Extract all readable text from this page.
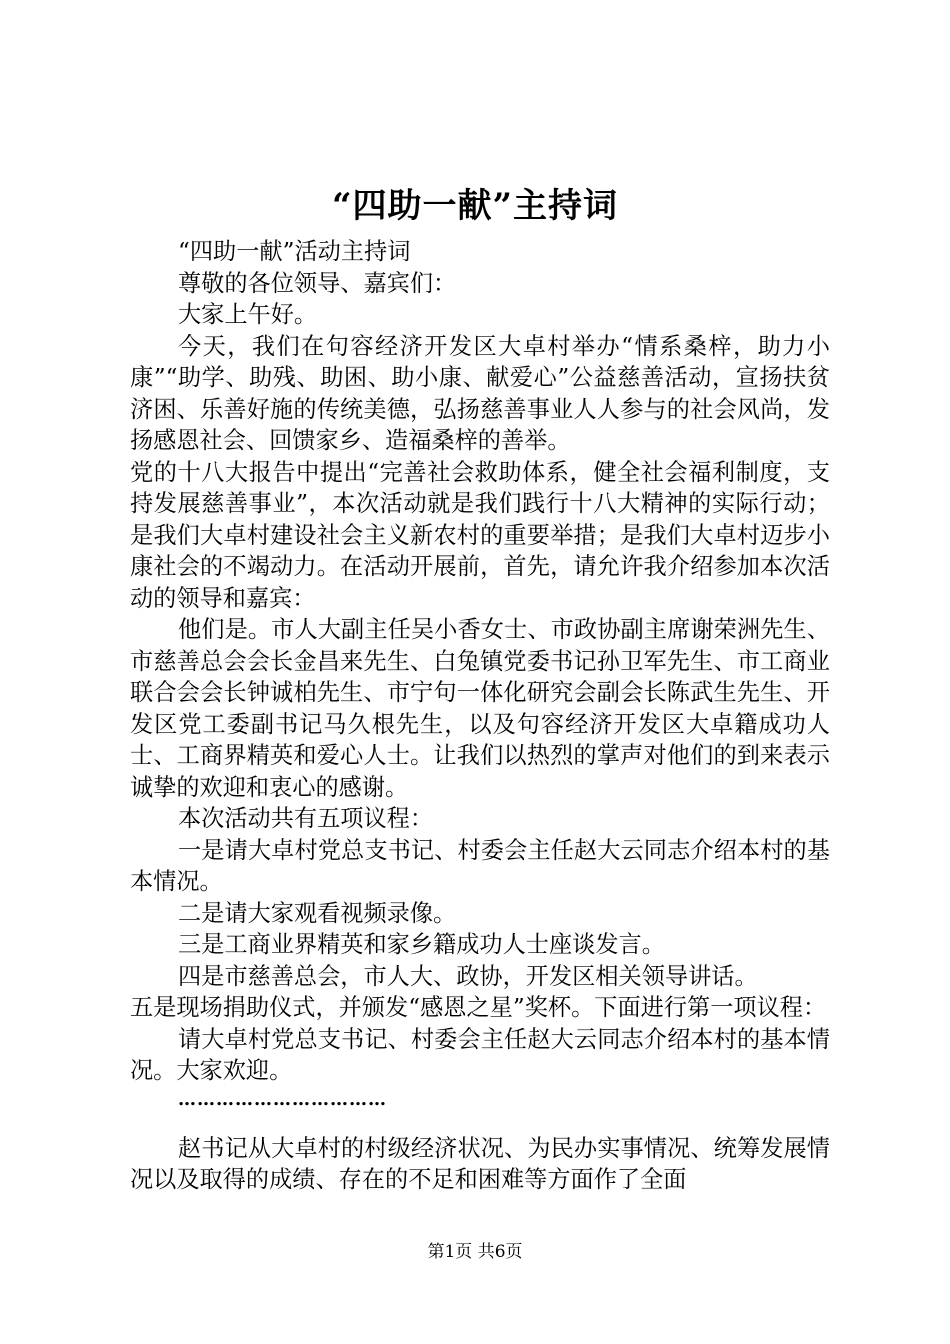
“四助一献”主持词

“四助一献”活动主持词

尊敬的各位领导、嘉宾们：

大家上午好。

今天，我们在句容经济开发区大卓村举办“情系桑梓，助力小康”“助学、助残、助困、助小康、献爱心”公益慈善活动，宣扬扶贫济困、乐善好施的传统美德，弘扬慈善事业人人参与的社会风尚，发扬感恩社会、回馈家乡、造福桑梓的善举。

党的十八大报告中提出“完善社会救助体系，健全社会福利制度，支持发展慈善事业”，本次活动就是我们践行十八大精神的实际行动；是我们大卓村建设社会主义新农村的重要举措；是我们大卓村迈步小康社会的不竭动力。在活动开展前，首先，请允许我介绍参加本次活动的领导和嘉宾：

他们是。市人大副主任吴小香女士、市政协副主席谢荣洲先生、市慈善总会会长金昌来先生、白兔镇党委书记孙卫军先生、市工商业联合会会长钟诚柏先生、市宁句一体化研究会副会长陈武生先生、开发区党工委副书记马久根先生，以及句容经济开发区大卓籍成功人士、工商界精英和爱心人士。让我们以热烈的掌声对他们的到来表示诚挚的欢迎和衷心的感谢。

本次活动共有五项议程：

一是请大卓村党总支书记、村委会主任赵大云同志介绍本村的基本情况。

二是请大家观看视频录像。

三是工商业界精英和家乡籍成功人士座谈发言。

四是市慈善总会，市人大、政协，开发区相关领导讲话。

五是现场捐助仪式，并颁发“感恩之星”奖杯。下面进行第一项议程：

请大卓村党总支书记、村委会主任赵大云同志介绍本村的基本情况。大家欢迎。

……………………………

赵书记从大卓村的村级经济状况、为民办实事情况、统筹发展情况以及取得的成绩、存在的不足和困难等方面作了全面

第1页 共6页
